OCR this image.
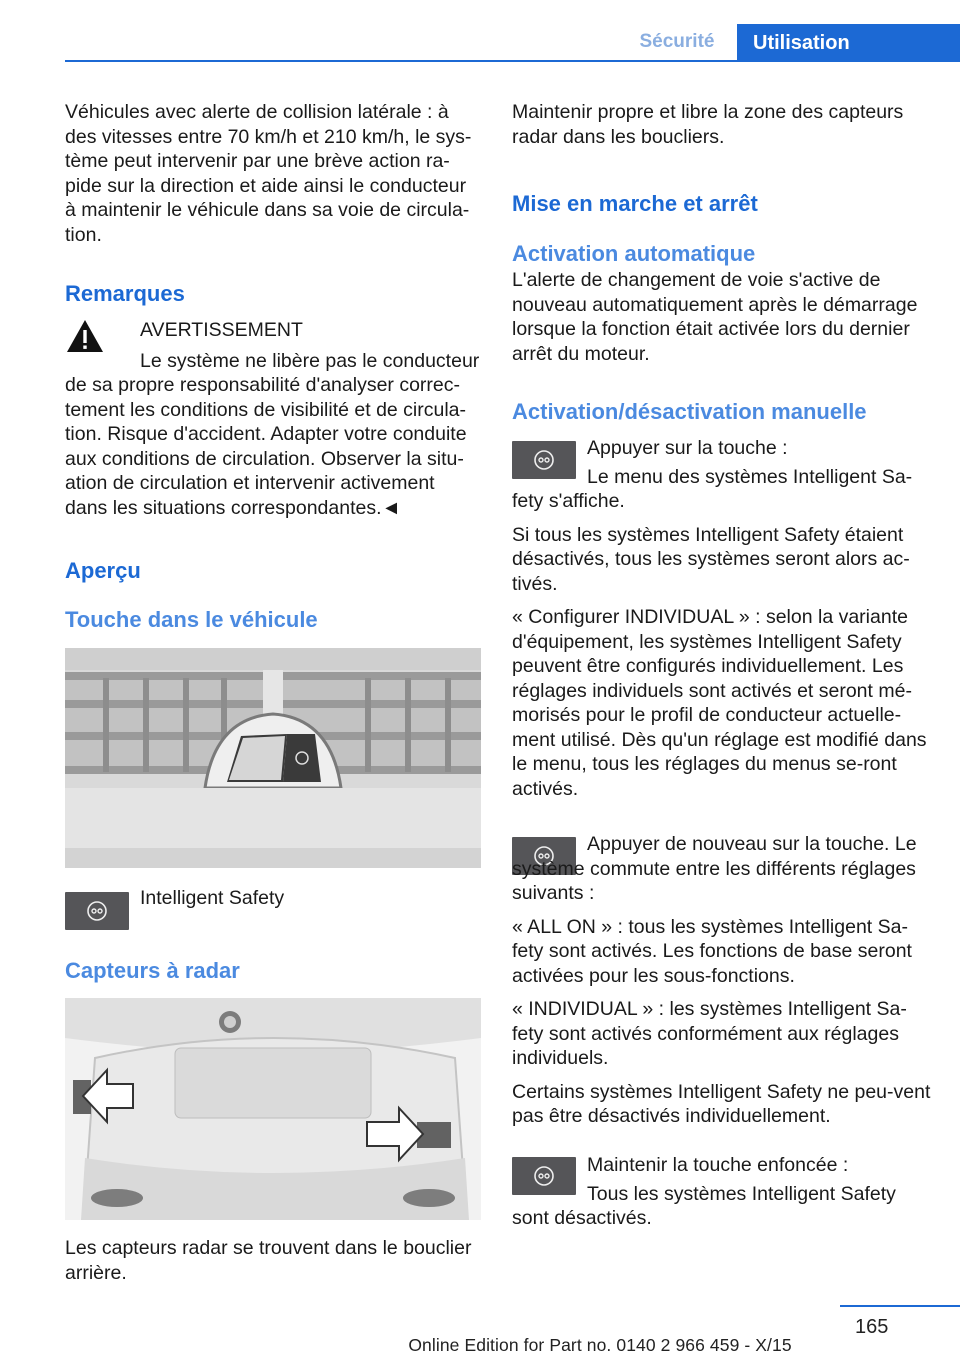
Sécurité	Utilisation

Véhicules avec alerte de collision latérale : à des vitesses entre 70 km/h et 210 km/h, le sys‐tème peut intervenir par une brève action ra‐pide sur la direction et aide ainsi le conducteur à maintenir le véhicule dans sa voie de circula‐tion.

Remarques

AVERTISSEMENT

Le système ne libère pas le conducteur

de sa propre responsabilité d'analyser correc‐tement les conditions de visibilité et de circula‐tion. Risque d'accident. Adapter votre conduite aux conditions de circulation. Observer la situ‐ation de circulation et intervenir activement dans les situations correspondantes.◄

Aperçu
Touche dans le véhicule

Intelligent Safety

Capteurs à radar

Les capteurs radar se trouvent dans le bouclier arrière.

Maintenir propre et libre la zone des capteurs radar dans les boucliers.

Mise en marche et arrêt
Activation automatique

L'alerte de changement de voie s'active de nouveau automatiquement après le démarrage lorsque la fonction était activée lors du dernier arrêt du moteur.

Activation/désactivation manuelle

Appuyer sur la touche :

Le menu des systèmes Intelligent Sa‐fety s'affiche.

Si tous les systèmes Intelligent Safety étaient désactivés, tous les systèmes seront alors ac‐tivés.

« Configurer INDIVIDUAL » : selon la variante d'équipement, les systèmes Intelligent Safety peuvent être configurés individuellement. Les réglages individuels sont activés et seront mé‐morisés pour le profil de conducteur actuelle‐ment utilisé. Dès qu'un réglage est modifié dans le menu, tous les réglages du menus se‐ront activés.

Appuyer de nouveau sur la touche. Le système commute entre les différents réglages suivants :

« ALL ON » : tous les systèmes Intelligent Sa‐fety sont activés. Les fonctions de base seront activées pour les sous-fonctions.

« INDIVIDUAL » : les systèmes Intelligent Sa‐fety sont activés conformément aux réglages individuels.

Certains systèmes Intelligent Safety ne peu‐vent pas être désactivés individuellement.

Maintenir la touche enfoncée :

Tous les systèmes Intelligent Safety sont désactivés.

165
Online Edition for Part no. 0140 2 966 459 - X/15
